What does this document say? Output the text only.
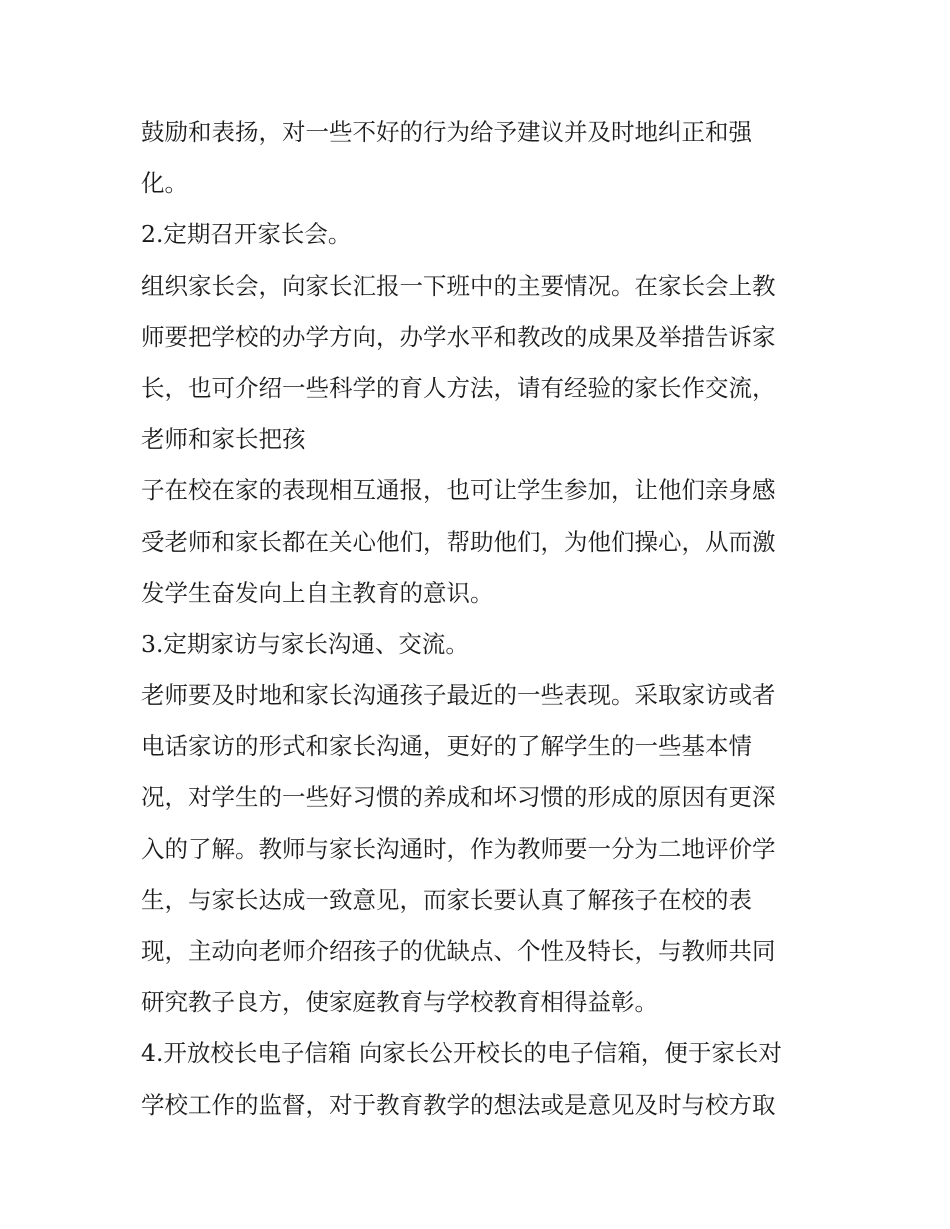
鼓励和表扬，对一些不好的行为给予建议并及时地纠正和强

化。

2.定期召开家长会。

组织家长会，向家长汇报一下班中的主要情况。在家长会上教

师要把学校的办学方向，办学水平和教改的成果及举措告诉家

长，也可介绍一些科学的育人方法，请有经验的家长作交流，

老师和家长把孩

子在校在家的表现相互通报，也可让学生参加，让他们亲身感

受老师和家长都在关心他们，帮助他们，为他们操心，从而激

发学生奋发向上自主教育的意识。

3.定期家访与家长沟通、交流。

老师要及时地和家长沟通孩子最近的一些表现。采取家访或者

电话家访的形式和家长沟通，更好的了解学生的一些基本情

况，对学生的一些好习惯的养成和坏习惯的形成的原因有更深

入的了解。教师与家长沟通时，作为教师要一分为二地评价学

生，与家长达成一致意见，而家长要认真了解孩子在校的表

现，主动向老师介绍孩子的优缺点、个性及特长，与教师共同

研究教子良方，使家庭教育与学校教育相得益彰。

4.开放校长电子信箱 向家长公开校长的电子信箱，便于家长对

学校工作的监督，对于教育教学的想法或是意见及时与校方取
